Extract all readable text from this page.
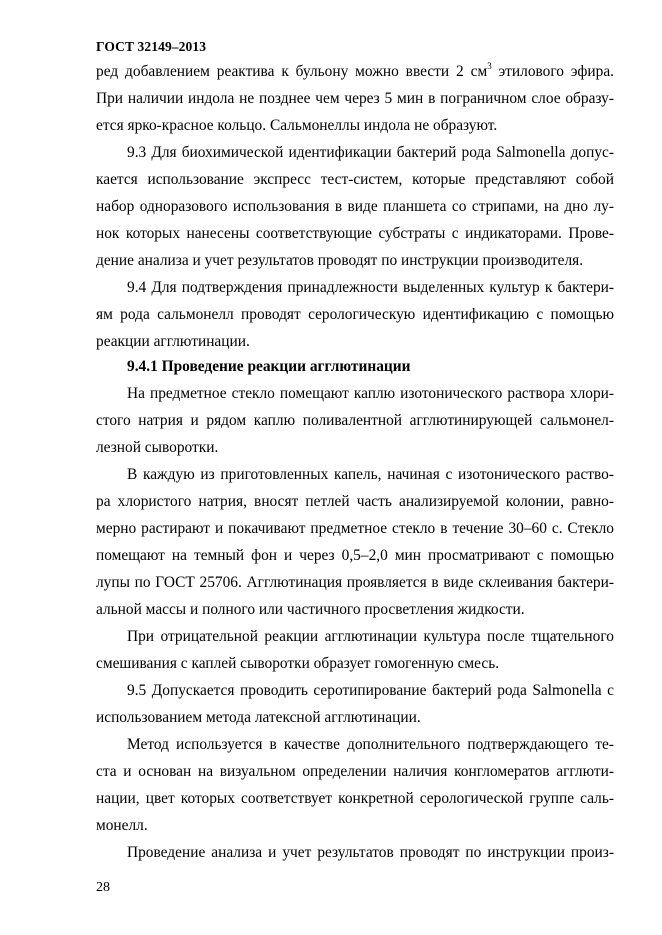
ГОСТ 32149–2013
ред добавлением реактива к бульону можно ввести 2 $см^3$ этилового эфира.
При наличии индола не позднее чем через 5 мин в пограничном слое образу-
ется ярко-красное кольцо. Сальмонеллы индола не образуют.
9.3 Для биохимической идентификации бактерий рода Salmonella допус-
кается использование экспресс тест-систем, которые представляют собой
набор одноразового использования в виде планшета со стрипами, на дно лу-
нок которых нанесены соответствующие субстраты с индикаторами. Прове-
дение анализа и учет результатов проводят по инструкции производителя.
9.4 Для подтверждения принадлежности выделенных культур к бактери-
ям рода сальмонелл проводят серологическую идентификацию с помощью
реакции агглютинации.
9.4.1 Проведение реакции агглютинации
На предметное стекло помещают каплю изотонического раствора хлори-
стого натрия и рядом каплю поливалентной агглютинирующей сальмонел-
лезной сыворотки.
В каждую из приготовленных капель, начиная с изотонического раство-
ра хлористого натрия, вносят петлей часть анализируемой колонии, равно-
мерно растирают и покачивают предметное стекло в течение 30–60 с. Стекло
помещают на темный фон и через 0,5–2,0 мин просматривают с помощью
лупы по ГОСТ 25706. Агглютинация проявляется в виде склеивания бактери-
альной массы и полного или частичного просветления жидкости.
При отрицательной реакции агглютинации культура после тщательного
смешивания с каплей сыворотки образует гомогенную смесь.
9.5 Допускается проводить серотипирование бактерий рода Salmonella с
использованием метода латексной агглютинации.
Метод используется в качестве дополнительного подтверждающего те-
ста и основан на визуальном определении наличия конгломератов агглюти-
нации, цвет которых соответствует конкретной серологической группе саль-
монелл.
Проведение анализа и учет результатов проводят по инструкции произ-
28
